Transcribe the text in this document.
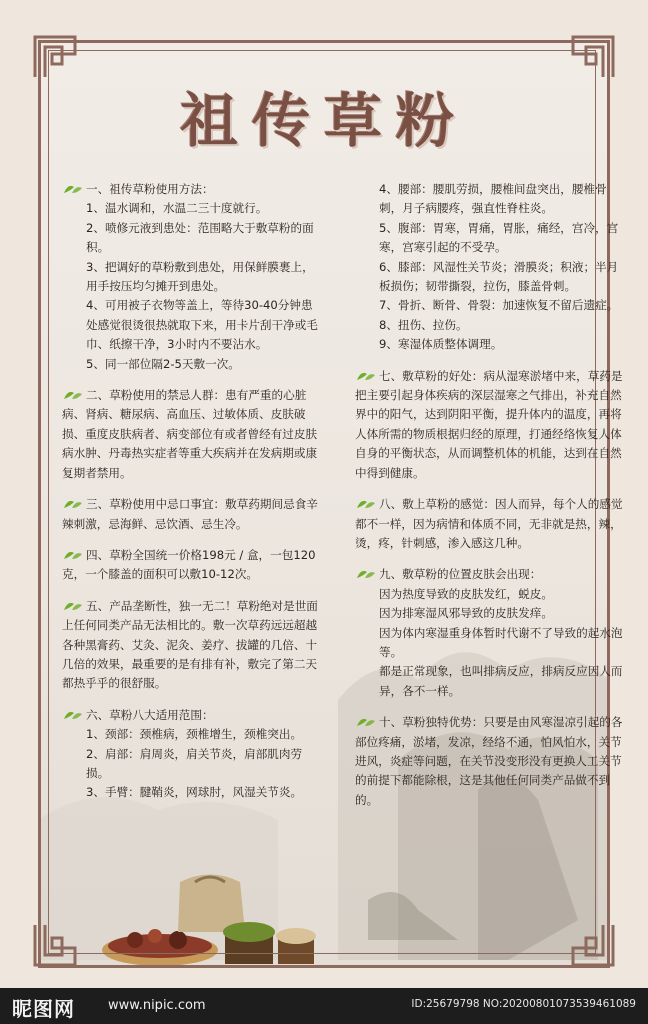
祖传草粉

一、祖传草粉使用方法：

1、温水调和，水温二三十度就行。

2、喷修元液到患处：范围略大于敷草粉的面积。

3、把调好的草粉敷到患处，用保鲜膜裹上，用手按压均匀摊开到患处。

4、可用被子衣物等盖上，等待30-40分钟患处感觉很烫很热就取下来，用卡片刮干净或毛巾、纸擦干净，3小时内不要沾水。

5、同一部位隔2-5天敷一次。

二、草粉使用的禁忌人群：患有严重的心脏病、肾病、糖尿病、高血压、过敏体质、皮肤破损、重度皮肤病者、病变部位有或者曾经有过皮肤病水肿、丹毒热实症者等重大疾病并在发病期或康复期者禁用。

三、草粉使用中忌口事宜：敷草药期间忌食辛辣刺激，忌海鲜、忌饮酒、忌生冷。

四、草粉全国统一价格198元 / 盒，一包120克，一个膝盖的面积可以敷10-12次。

五、产品垄断性，独一无二！草粉绝对是世面上任何同类产品无法相比的。敷一次草药远远超越各种黑膏药、艾灸、泥灸、姜疗、拔罐的几倍、十几倍的效果，最重要的是有排有补，敷完了第二天都热乎乎的很舒服。

六、草粉八大适用范围：

1、颈部：颈椎病，颈椎增生，颈椎突出。

2、肩部：肩周炎，肩关节炎，肩部肌肉劳损。

3、手臂：腱鞘炎，网球肘，风湿关节炎。

4、腰部：腰肌劳损，腰椎间盘突出，腰椎骨刺，月子病腰疼，强直性脊柱炎。

5、腹部：胃寒，胃痛，胃胀，痛经，宫冷，宫寒，宫寒引起的不受孕。

6、膝部：风湿性关节炎；滑膜炎；积液；半月板损伤；韧带撕裂，拉伤，膝盖骨刺。

7、骨折、断骨、骨裂：加速恢复不留后遗症。

8、扭伤、拉伤。

9、寒湿体质整体调理。

七、敷草粉的好处：病从湿寒淤堵中来，草药是把主要引起身体疾病的深层湿寒之气排出，补充自然界中的阳气，达到阴阳平衡，提升体内的温度，再将人体所需的物质根据归经的原理，打通经络恢复人体自身的平衡状态，从而调整机体的机能，达到在自然中得到健康。

八、敷上草粉的感觉：因人而异，每个人的感觉都不一样，因为病情和体质不同，无非就是热，辣，烫，疼，针刺感，渗入感这几种。

九、敷草粉的位置皮肤会出现：

因为热度导致的皮肤发红，蜕皮。

因为排寒湿风邪导致的皮肤发痒。

因为体内寒湿重身体暂时代谢不了导致的起水泡等。

都是正常现象，也叫排病反应，排病反应因人而异，各不一样。

十、草粉独特优势：只要是由风寒湿凉引起的各部位疼痛，淤堵，发凉，经络不通，怕风怕水，关节进风，炎症等问题，在关节没变形没有更换人工关节的前提下都能除根，这是其他任何同类产品做不到的。

昵图网	www.nipic.com	ID:25679798 NO:20200801073539461089
